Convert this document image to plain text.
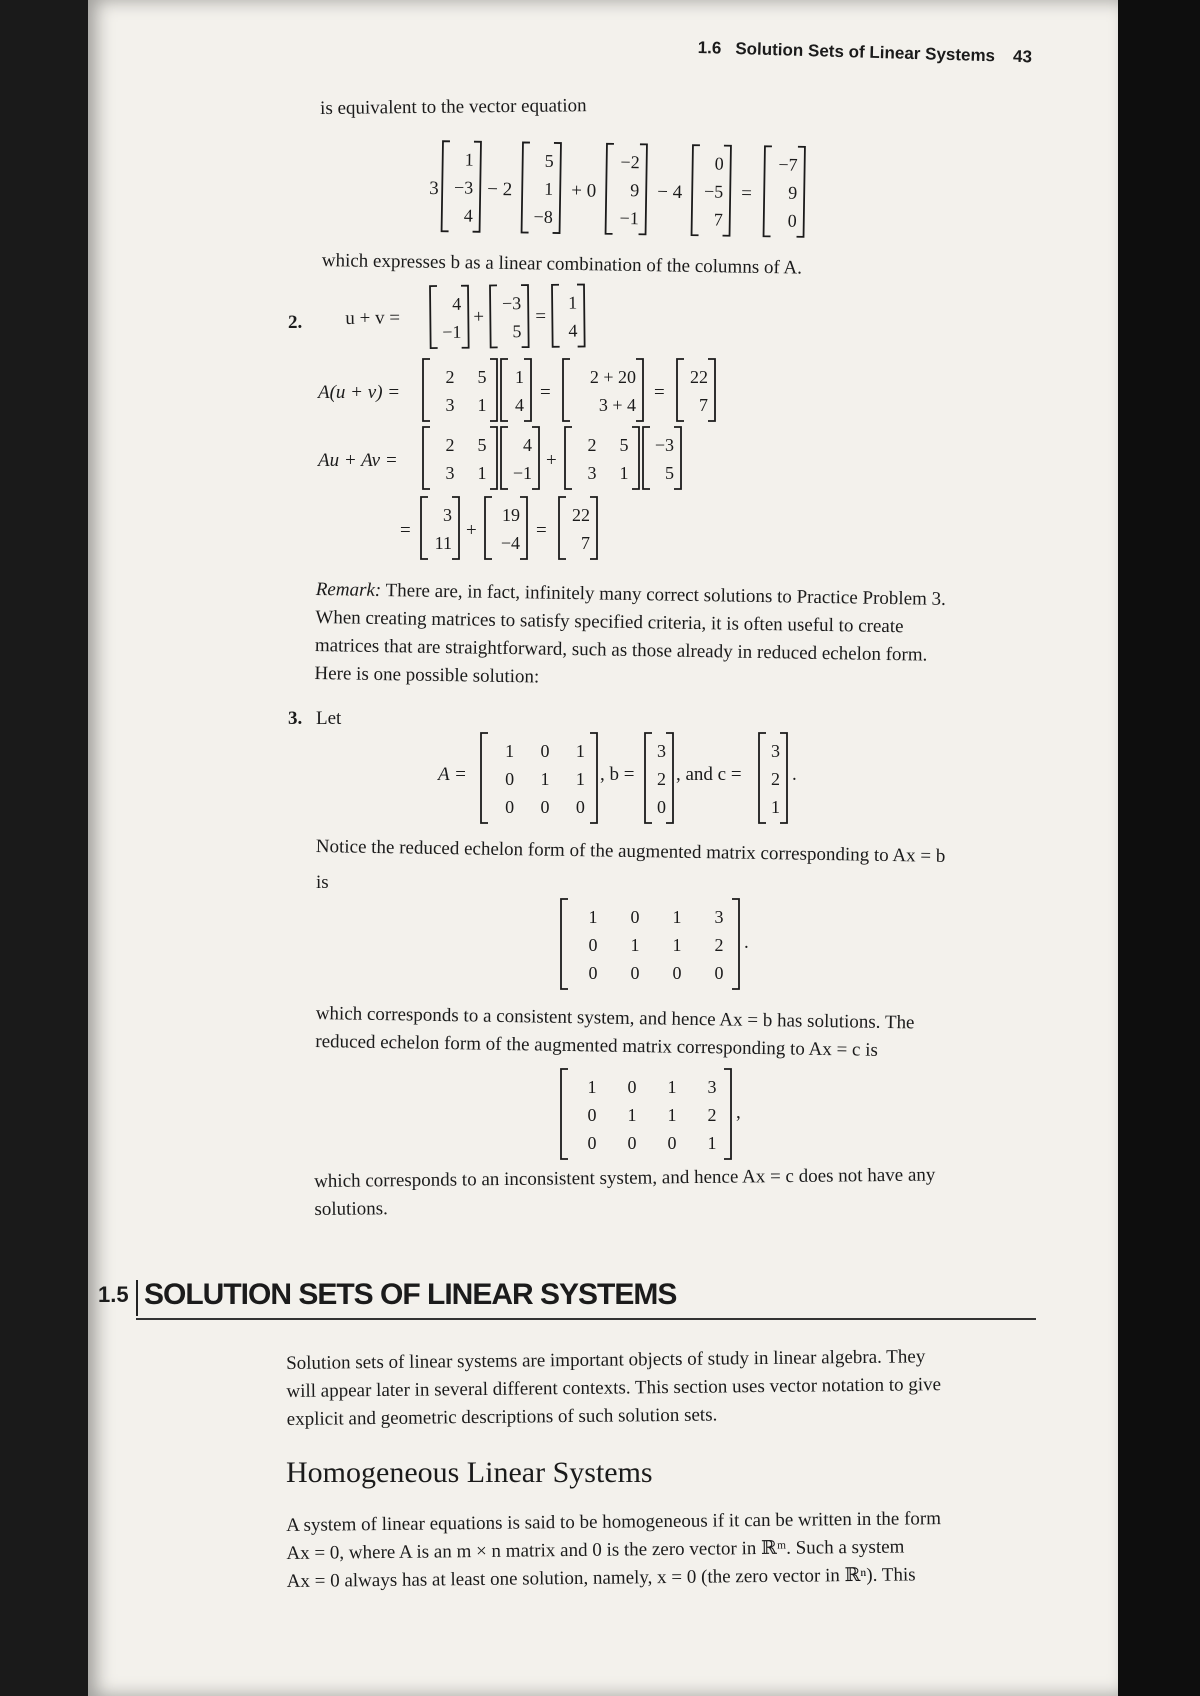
1.6 Solution Sets of Linear Systems 43
is equivalent to the vector equation
3
1
−3
4
− 2
5
1
−8
+ 0
−2
9
−1
− 4
0
−5
7
=
−7
9
0
which expresses b as a linear combination of the columns of A.
2. u + v =
4
−1
+
−3
5
=
1
4
A(u + v) =
2 5
3 1
1
4
=
2 + 20
3 + 4
=
22
7
Au + Av =
2 5
3 1
4
−1
+
2 5
3 1
−3
5
=
3
11
+
19
−4
=
22
7

Remark: There are, in fact, infinitely many correct solutions to Practice Problem 3.

When creating matrices to satisfy specified criteria, it is often useful to create

matrices that are straightforward, such as those already in reduced echelon form.

Here is one possible solution:

3. Let
A =
1 0 1
0 1 1
0 0 0
, b =
3
2
0
, and c =
3
2
1
.
Notice the reduced echelon form of the augmented matrix corresponding to Ax = b
is
1 0 1 3
0 1 1 2
0 0 0 0
.

which corresponds to a consistent system, and hence Ax = b has solutions. The

reduced echelon form of the augmented matrix corresponding to Ax = c is

1 0 1 3
0 1 1 2
0 0 0 1
,

which corresponds to an inconsistent system, and hence Ax = c does not have any

solutions.

1.5 SOLUTION SETS OF LINEAR SYSTEMS

Solution sets of linear systems are important objects of study in linear algebra. They

will appear later in several different contexts. This section uses vector notation to give

explicit and geometric descriptions of such solution sets.

Homogeneous Linear Systems

A system of linear equations is said to be homogeneous if it can be written in the form

Ax = 0, where A is an m × n matrix and 0 is the zero vector in ℝᵐ. Such a system

Ax = 0 always has at least one solution, namely, x = 0 (the zero vector in ℝⁿ). This
